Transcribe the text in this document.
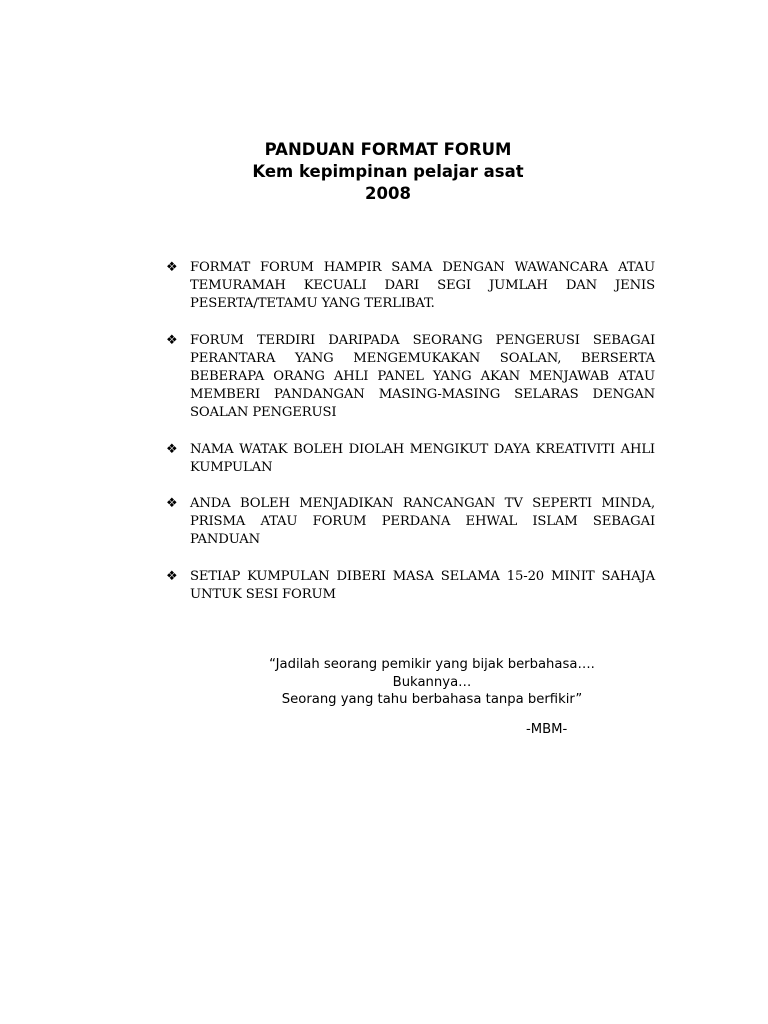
PANDUAN FORMAT FORUM
Kem kepimpinan pelajar asat
2008
❖ FORMAT FORUM HAMPIR SAMA DENGAN WAWANCARA ATAU TEMURAMAH KECUALI DARI SEGI JUMLAH DAN JENIS PESERTA/TETAMU YANG TERLIBAT.
❖ FORUM TERDIRI DARIPADA SEORANG PENGERUSI SEBAGAI PERANTARA YANG MENGEMUKAKAN SOALAN, BERSERTA BEBERAPA ORANG AHLI PANEL YANG AKAN MENJAWAB ATAU MEMBERI PANDANGAN MASING-MASING SELARAS DENGAN SOALAN PENGERUSI
❖ NAMA WATAK BOLEH DIOLAH MENGIKUT DAYA KREATIVITI AHLI KUMPULAN
❖ ANDA BOLEH MENJADIKAN RANCANGAN TV SEPERTI MINDA, PRISMA ATAU FORUM PERDANA EHWAL ISLAM SEBAGAI PANDUAN
❖ SETIAP KUMPULAN DIBERI MASA SELAMA 15-20 MINIT SAHAJA UNTUK SESI FORUM
“Jadilah seorang pemikir yang bijak berbahasa….
Bukannya…
Seorang yang tahu berbahasa tanpa berfikir”
-MBM-
